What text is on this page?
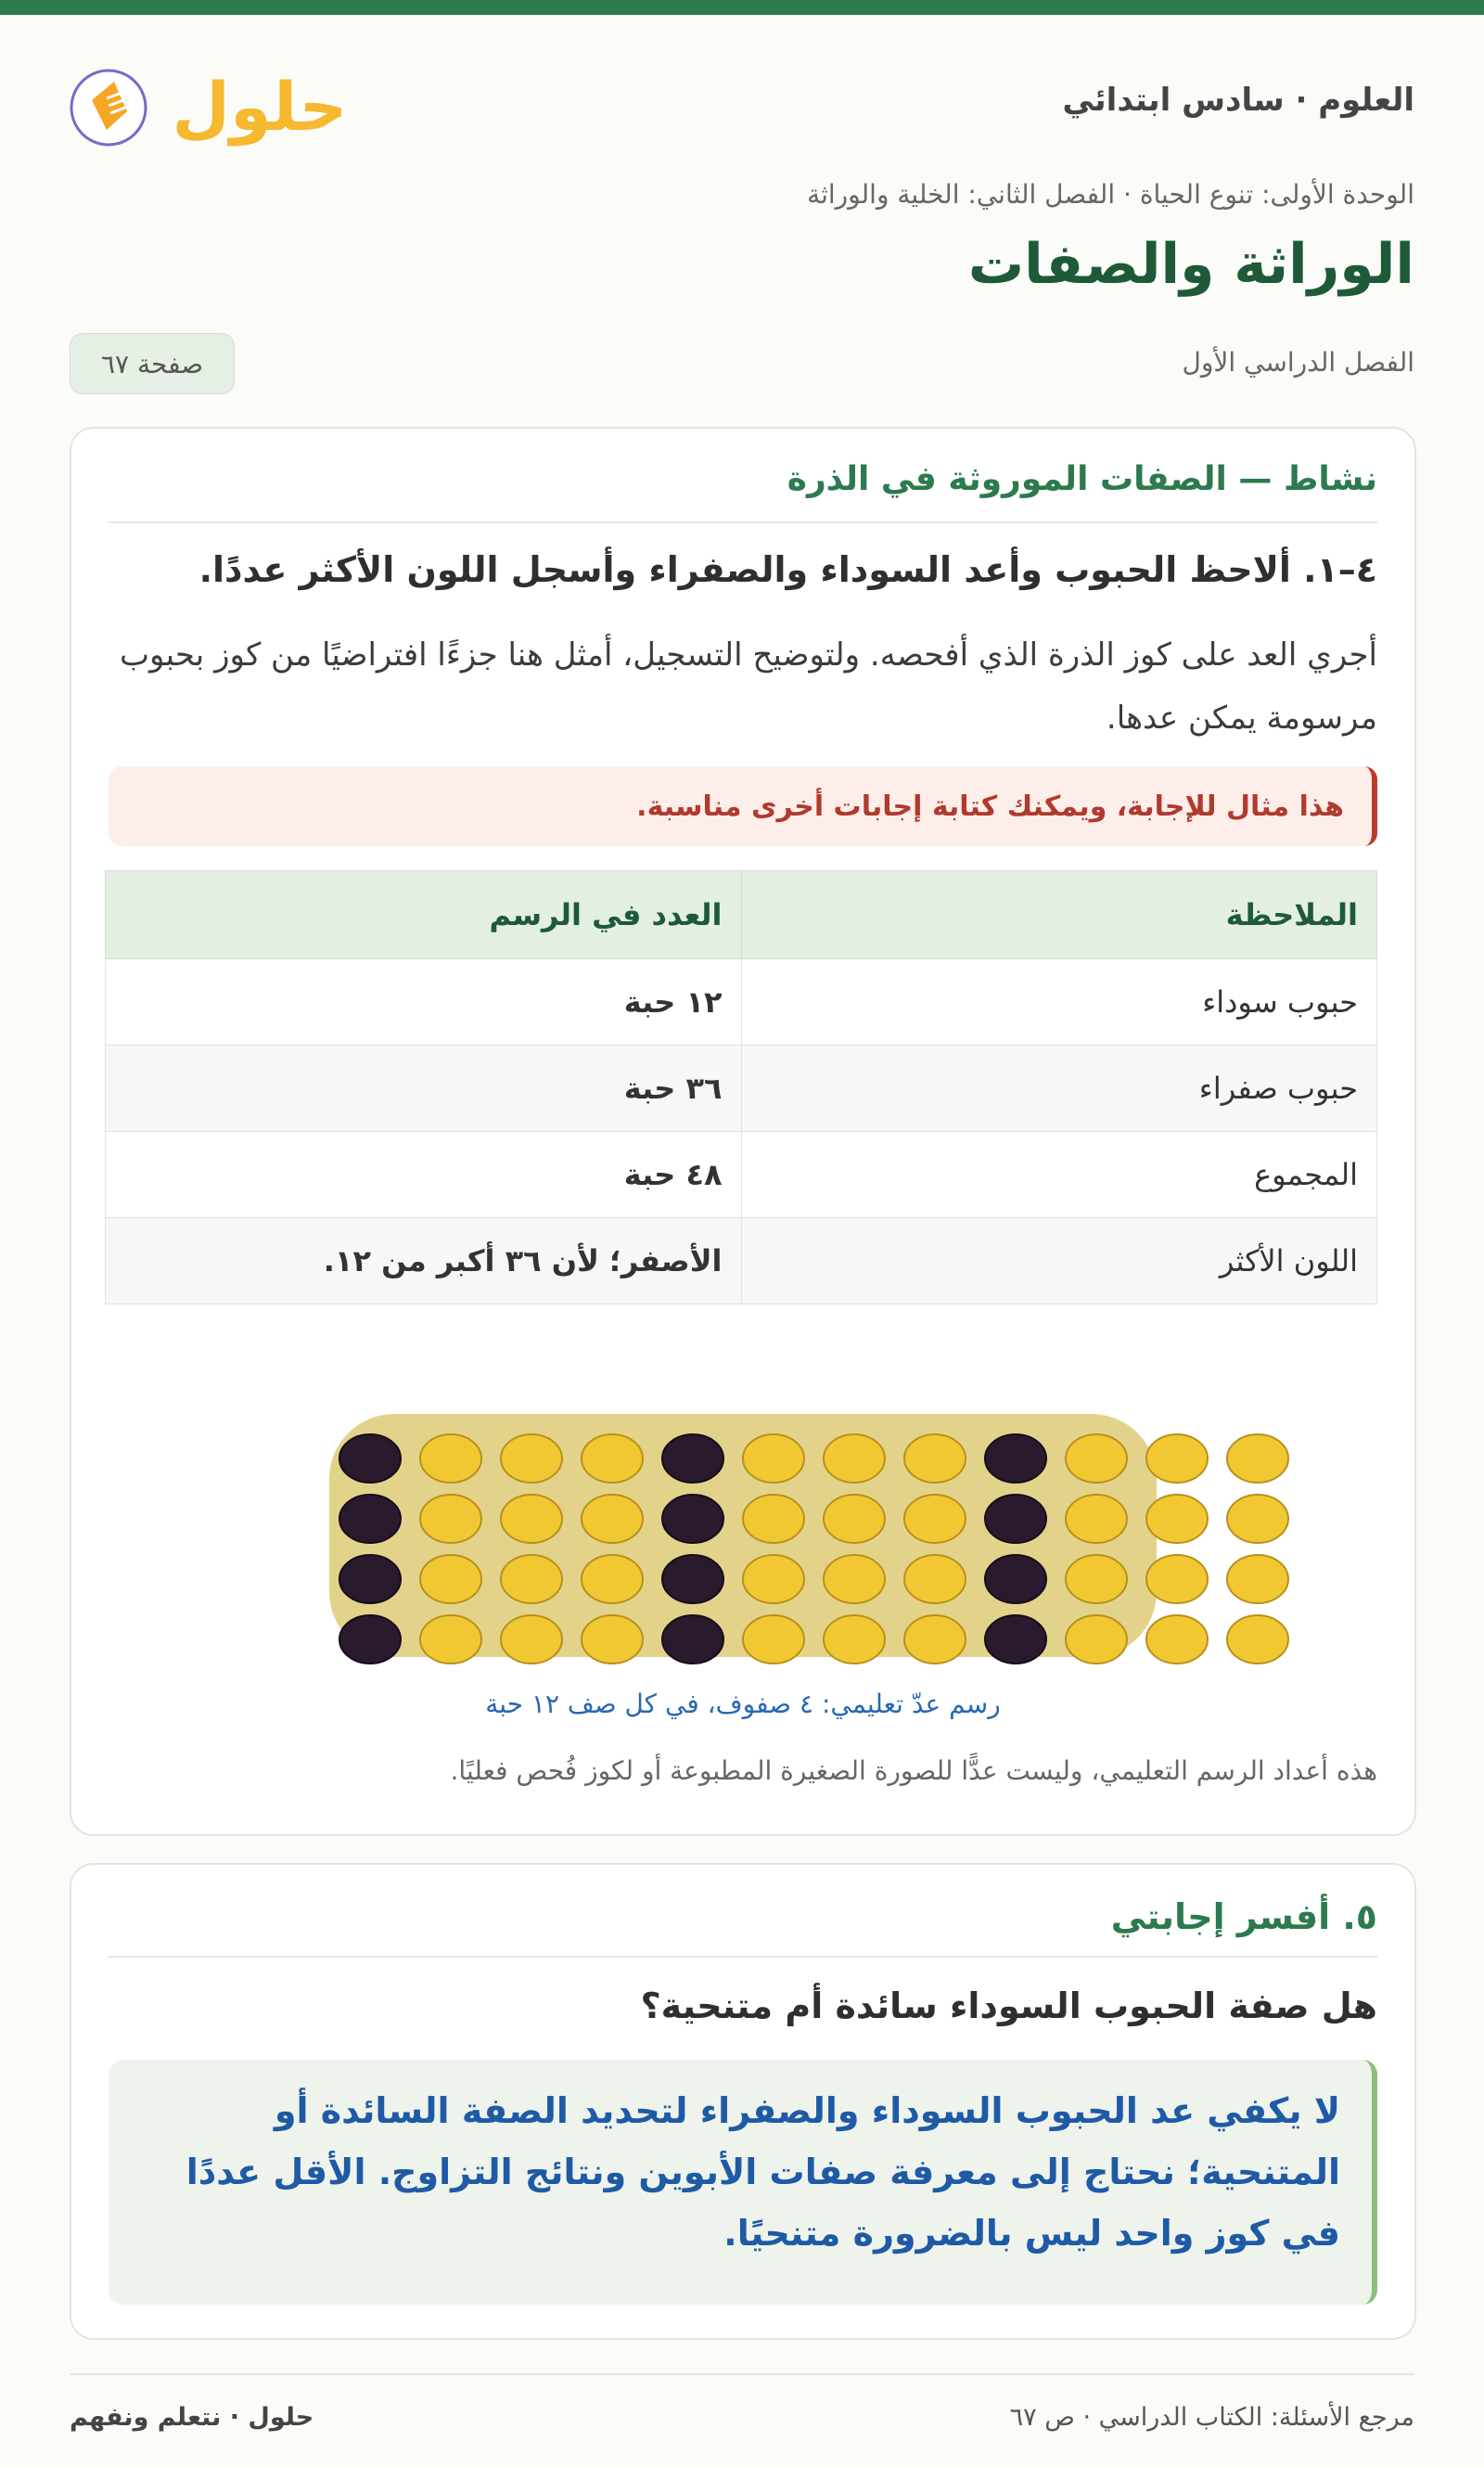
العلوم · سادس ابتدائي
حلول
الوحدة الأولى: تنوع الحياة · الفصل الثاني: الخلية والوراثة
الوراثة والصفات
الفصل الدراسي الأول
صفحة ٦٧
نشاط — الصفات الموروثة في الذرة
٤–١. ألاحظ الحبوب وأعد السوداء والصفراء وأسجل اللون الأكثر عددًا.

أجري العد على كوز الذرة الذي أفحصه. ولتوضيح التسجيل، أمثل هنا جزءًا افتراضيًا من كوز بحبوب مرسومة يمكن عدها.

هذا مثال للإجابة، ويمكنك كتابة إجابات أخرى مناسبة.
الملاحظة	العدد في الرسم
حبوب سوداء	١٢ حبة
حبوب صفراء	٣٦ حبة
المجموع	٤٨ حبة
اللون الأكثر	الأصفر؛ لأن ٣٦ أكبر من ١٢.
رسم عدّ تعليمي: ٤ صفوف، في كل صف ١٢ حبة
هذه أعداد الرسم التعليمي، وليست عدًّا للصورة الصغيرة المطبوعة أو لكوز فُحص فعليًا.
٥. أفسر إجابتي
هل صفة الحبوب السوداء سائدة أم متنحية؟
لا يكفي عد الحبوب السوداء والصفراء لتحديد الصفة السائدة أو المتنحية؛ نحتاج إلى معرفة صفات الأبوين ونتائج التزاوج. الأقل عددًا في كوز واحد ليس بالضرورة متنحيًا.
مرجع الأسئلة: الكتاب الدراسي · ص ٦٧
حلول · نتعلم ونفهم
